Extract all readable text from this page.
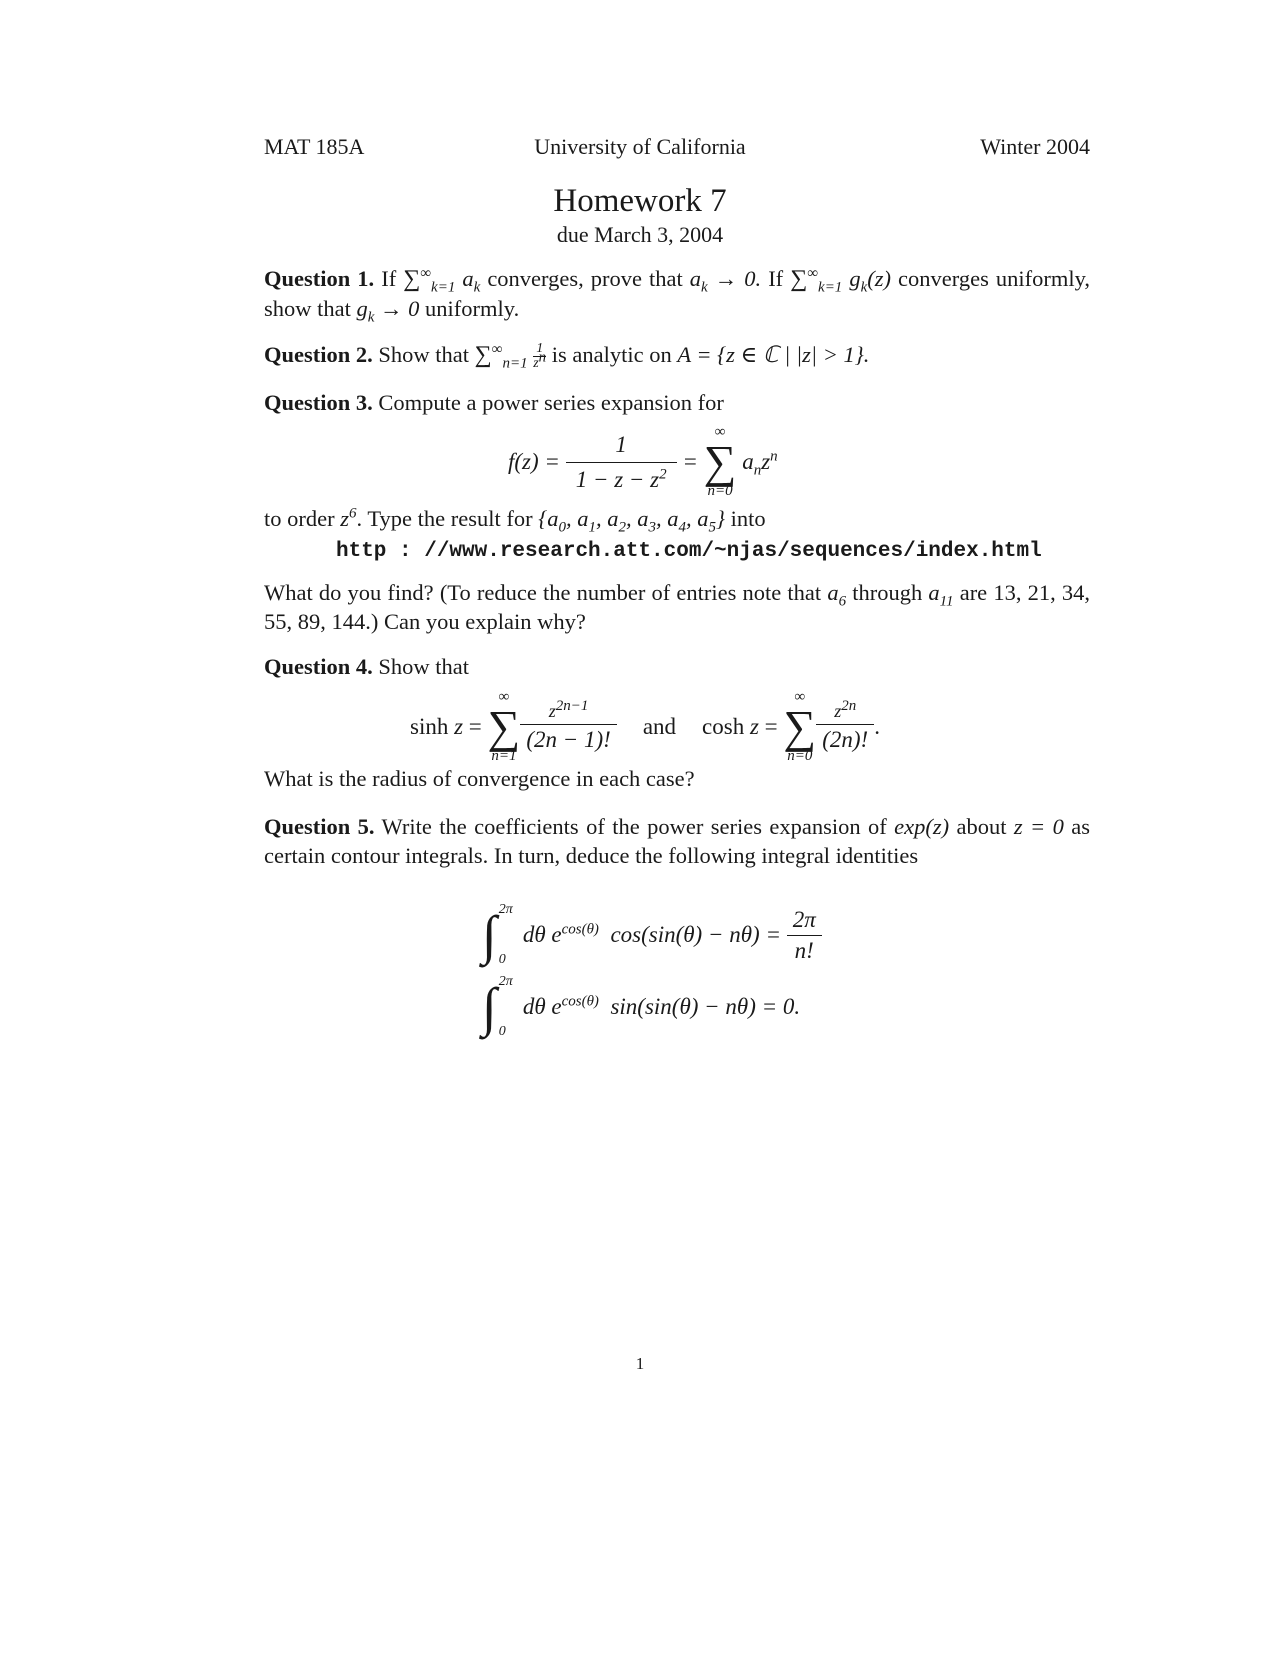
MAT 185A	University of California	Winter 2004
Homework 7
due March 3, 2004
Question 1. If $\sum^\infty_{k=1}$ $a_k$ converges, prove that $a_k \to 0$. If $\sum^\infty_{k=1}$ $g_k(z)$ converges uniformly, show that $g_k \to 0$ uniformly.
Question 2. Show that $\sum^\infty_{n=1} \frac{1}{z^n}$ is analytic on A = {z ∈ ℂ | |z| > 1}.
Question 3. Compute a power series expansion for
$f(z) = \frac{1}{1 - z - z^2}$ =
∞
∑
n=0
$a_nz^n$
to order $z^6$. Type the result for {$a_0$, $a_1$, $a_2$, $a_3$, $a_4$, $a_5$} into
http : //www.research.att.com/~njas/sequences/index.html
What do you find? (To reduce the number of entries note that $a_6$ through $a_{11}$ are 13, 21, 34, 55, 89, 144.) Can you explain why?
Question 4. Show that
sinh z =
∞
∑
n=1
$\frac{z^{2n-1}}{(2n - 1)!}$ and cosh z =
∞
∑
n=0
$\frac{z^{2n}}{(2n)!}$ .
What is the radius of convergence in each case?
Question 5. Write the coefficients of the power series expansion of exp(z) about z = 0 as certain contour integrals. In turn, deduce the following integral identities
∫ 2π
0
dθ $e^{cos(\theta)}$  $\cos(\sin(\theta) - n\theta) = \frac{2\pi}{n!}$
∫ 2π
0
dθ $e^{cos(\theta)}$  sin(sin(θ) − nθ) = 0.
1
